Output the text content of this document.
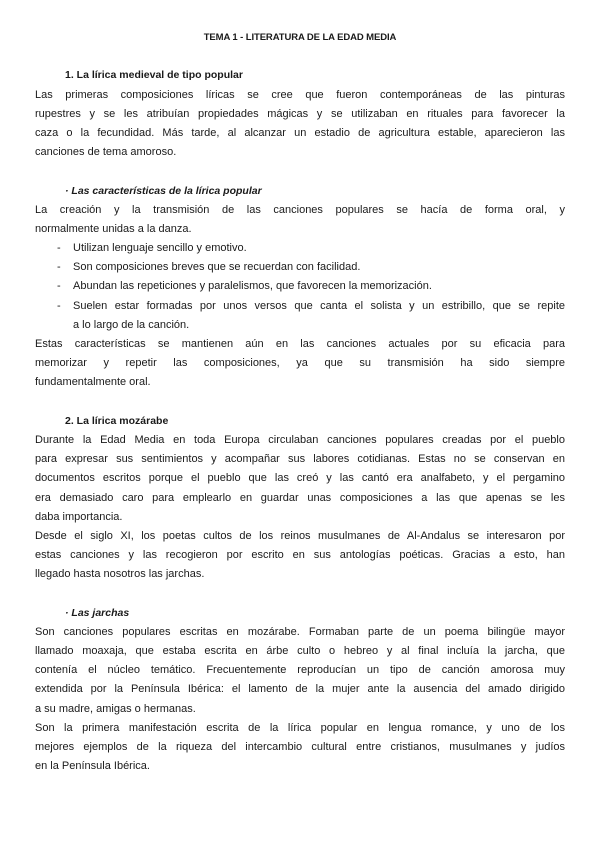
TEMA 1 - LITERATURA DE LA EDAD MEDIA
1. La lírica medieval de tipo popular
Las primeras composiciones líricas se cree que fueron contemporáneas de las pinturas
rupestres y se les atribuían propiedades mágicas y se utilizaban en rituales para favorecer la
caza o la fecundidad. Más tarde, al alcanzar un estadio de agricultura estable, aparecieron las
canciones de tema amoroso.
· Las características de la lírica popular
La creación y la transmisión de las canciones populares se hacía de forma oral, y
normalmente unidas a la danza.
- Utilizan lenguaje sencillo y emotivo.
- Son composiciones breves que se recuerdan con facilidad.
- Abundan las repeticiones y paralelismos, que favorecen la memorización.
- Suelen estar formadas por unos versos que canta el solista y un estribillo, que se repite
a lo largo de la canción.
Estas características se mantienen aún en las canciones actuales por su eficacia para
memorizar y repetir las composiciones, ya que su transmisión ha sido siempre
fundamentalmente oral.
2. La lírica mozárabe
Durante la Edad Media en toda Europa circulaban canciones populares creadas por el pueblo
para expresar sus sentimientos y acompañar sus labores cotidianas. Estas no se conservan en
documentos escritos porque el pueblo que las creó y las cantó era analfabeto, y el pergamino
era demasiado caro para emplearlo en guardar unas composiciones a las que apenas se les
daba importancia.
Desde el siglo XI, los poetas cultos de los reinos musulmanes de Al-Andalus se interesaron por
estas canciones y las recogieron por escrito en sus antologías poéticas. Gracias a esto, han
llegado hasta nosotros las jarchas.
· Las jarchas
Son canciones populares escritas en mozárabe. Formaban parte de un poema bilingüe mayor
llamado moaxaja, que estaba escrita en árbe culto o hebreo y al final incluía la jarcha, que
contenía el núcleo temático. Frecuentemente reproducían un tipo de canción amorosa muy
extendida por la Península Ibérica: el lamento de la mujer ante la ausencia del amado dirigido
a su madre, amigas o hermanas.
Son la primera manifestación escrita de la lírica popular en lengua romance, y uno de los
mejores ejemplos de la riqueza del intercambio cultural entre cristianos, musulmanes y judíos
en la Península Ibérica.
